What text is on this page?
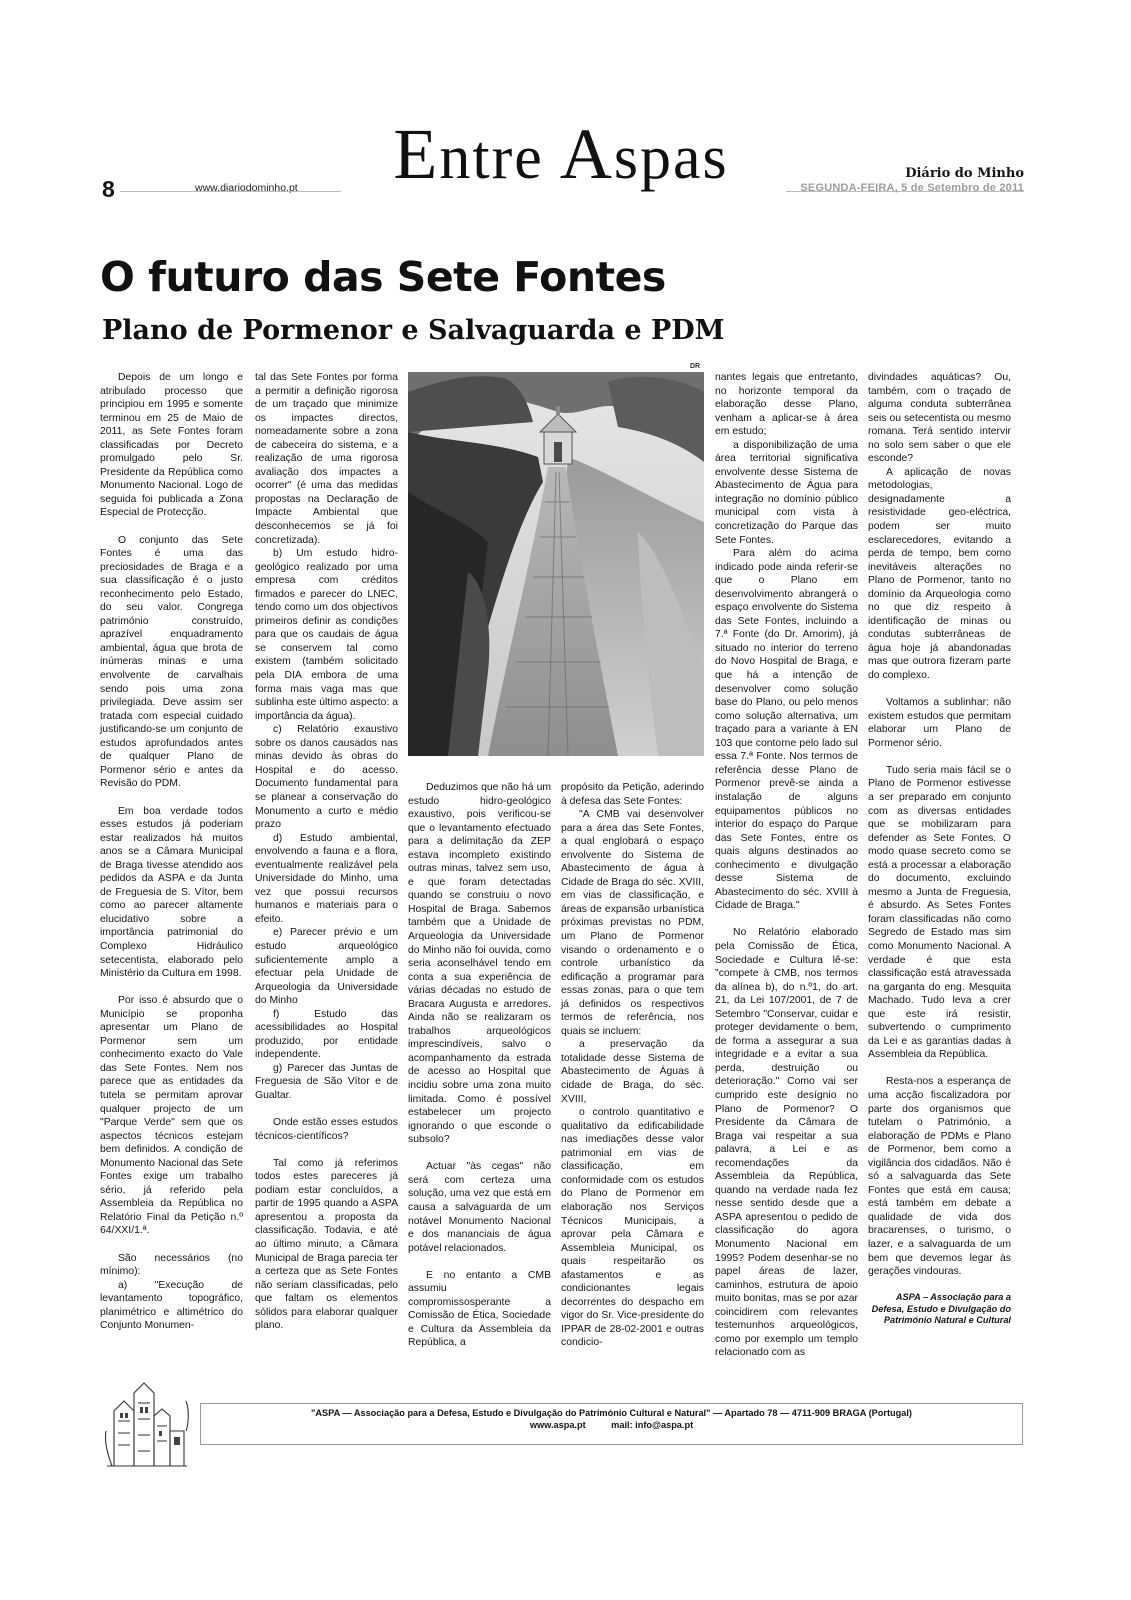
8	www.diariodominho.pt	Entre Aspas	Diário do Minho
SEGUNDA-FEIRA, 5 de Setembro de 2011
O futuro das Sete Fontes
Plano de Pormenor e Salvaguarda e PDM
DR

Depois de um longo e atribulado processo que principiou em 1995 e somente terminou em 25 de Maio de 2011, as Sete Fontes foram classificadas por Decreto promulgado pelo Sr. Presidente da República como Monumento Nacional. Logo de seguida foi publicada a Zona Especial de Protecção.

O conjunto das Sete Fontes é uma das preciosidades de Braga e a sua classificação é o justo reconhecimento pelo Estado, do seu valor. Congrega património construído, aprazível enquadramento ambiental, água que brota de inúmeras minas e uma envolvente de carvalhais sendo pois uma zona privilegiada. Deve assim ser tratada com especial cuidado justificando-se um conjunto de estudos aprofundados antes de qualquer Plano de Pormenor sério e antes da Revisão do PDM.

Em boa verdade todos esses estudos já poderiam estar realizados há muitos anos se a Câmara Municipal de Braga tivesse atendido aos pedidos da ASPA e da Junta de Freguesia de S. Vítor, bem como ao parecer altamente elucidativo sobre a importância patrimonial do Complexo Hidráulico setecentista, elaborado pelo Ministério da Cultura em 1998.

Por isso é absurdo que o Município se proponha apresentar um Plano de Pormenor sem um conhecimento exacto do Vale das Sete Fontes. Nem nos parece que as entidades da tutela se permitam aprovar qualquer projecto de um "Parque Verde" sem que os aspectos técnicos estejam bem definidos. A condição de Monumento Nacional das Sete Fontes exige um trabalho sério, já referido pela Assembleia da República no Relatório Final da Petição n.º 64/XXI/1.ª.

São necessários (no mínimo):

a) "Execução de levantamento topográfico, planimétrico e altimétrico do Conjunto Monumen-

tal das Sete Fontes por forma a permitir a definição rigorosa de um traçado que minimize os impactes directos, nomeadamente sobre a zona de cabeceira do sistema, e a realização de uma rigorosa avaliação dos impactes a ocorrer" (é uma das medidas propostas na Declaração de Impacte Ambiental que desconhecemos se já foi concretizada).

b) Um estudo hidro-geológico realizado por uma empresa com créditos firmados e parecer do LNEC, tendo como um dos objectivos primeiros definir as condições para que os caudais de água se conservem tal como existem (também solicitado pela DIA embora de uma forma mais vaga mas que sublinha este último aspecto: a importância da água).

c) Relatório exaustivo sobre os danos causados nas minas devido às obras do Hospital e do acesso. Documento fundamental para se planear a conservação do Monumento a curto e médio prazo

d) Estudo ambiental, envolvendo a fauna e a flora, eventualmente realizável pela Universidade do Minho, uma vez que possui recursos humanos e materiais para o efeito.

e) Parecer prévio e um estudo arqueológico suficientemente amplo a efectuar pela Unidade de Arqueologia da Universidade do Minho

f) Estudo das acessibilidades ao Hospital produzido, por entidade independente.

g) Parecer das Juntas de Freguesia de São Vítor e de Gualtar.

Onde estão esses estudos técnicos-científicos?

Tal como já referimos todos estes pareceres já podiam estar concluídos, a partir de 1995 quando a ASPA apresentou a proposta da classificação. Todavia, e até ao último minuto, a Câmara Municipal de Braga parecia ter a certeza que as Sete Fontes não seriam classificadas, pelo que faltam os elementos sólidos para elaborar qualquer plano.

Deduzimos que não há um estudo hidro-geológico exaustivo, pois verificou-se que o levantamento efectuado para a delimitação da ZEP estava incompleto existindo outras minas, talvez sem uso, e que foram detectadas quando se construiu o novo Hospital de Braga. Sabemos também que a Unidade de Arqueologia da Universidade do Minho não foi ouvida, como seria aconselhável tendo em conta a sua experiência de várias décadas no estudo de Bracara Augusta e arredores. Ainda não se realizaram os trabalhos arqueológicos imprescindíveis, salvo o acompanhamento da estrada de acesso ao Hospital que incidiu sobre uma zona muito limitada. Como é possível estabelecer um projecto ignorando o que esconde o subsolo?

Actuar "às cegas" não será com certeza uma solução, uma vez que está em causa a salvaguarda de um notável Monumento Nacional e dos mananciais de água potável relacionados.

E no entanto a CMB assumiu compromissosperante a Comissão de Ética, Sociedade e Cultura da Assembleia da República, a

propósito da Petição, aderindo à defesa das Sete Fontes:

"A CMB vai desenvolver para a área das Sete Fontes, a qual englobará o espaço envolvente do Sistema de Abastecimento de água à Cidade de Braga do séc. XVIII, em vias de classificação, e áreas de expansão urbanística próximas previstas no PDM, um Plano de Pormenor visando o ordenamento e o controle urbanístico da edificação a programar para essas zonas, para o que tem já definidos os respectivos termos de referência, nos quais se incluem:

a preservação da totalidade desse Sistema de Abastecimento de Águas à cidade de Braga, do séc. XVIII,

o controlo quantitativo e qualitativo da edificabilidade nas imediações desse valor patrimonial em vias de classificação, em conformidade com os estudos do Plano de Pormenor em elaboração nos Serviços Técnicos Municipais, a aprovar pela Câmara e Assembleia Municipal, os quais respeitarão os afastamentos e as condicionantes legais decorrentes do despacho em vigor do Sr. Vice-presidente do IPPAR de 28-02-2001 e outras condicio-

nantes legais que entretanto, no horizonte temporal da elaboração desse Plano, venham a aplicar-se à área em estudo;

a disponibilização de uma área territorial significativa envolvente desse Sistema de Abastecimento de Água para integração no domínio público municipal com vista à concretização do Parque das Sete Fontes.

Para além do acima indicado pode ainda referir-se que o Plano em desenvolvimento abrangerá o espaço envolvente do Sistema das Sete Fontes, incluindo a 7.ª Fonte (do Dr. Amorim), já situado no interior do terreno do Novo Hospital de Braga, e que há a intenção de desenvolver como solução base do Plano, ou pelo menos como solução alternativa, um traçado para a variante à EN 103 que contorne pelo lado sul essa 7.ª Fonte. Nos termos de referência desse Plano de Pormenor prevê-se ainda a instalação de alguns equipamentos públicos no interior do espaço do Parque das Sete Fontes, entre os quais alguns destinados ao conhecimento e divulgação desse Sistema de Abastecimento do séc. XVIII à Cidade de Braga."

No Relatório elaborado pela Comissão de Ética, Sociedade e Cultura lê-se: "compete à CMB, nos termos da alínea b), do n.º1, do art. 21, da Lei 107/2001, de 7 de Setembro "Conservar, cuidar e proteger devidamente o bem, de forma a assegurar a sua integridade e a evitar a sua perda, destruição ou deterioração." Como vai ser cumprido este desígnio no Plano de Pormenor? O Presidente da Câmara de Braga vai respeitar a sua palavra, a Lei e as recomendações da Assembleia da República, quando na verdade nada fez nesse sentido desde que a ASPA apresentou o pedido de classificação do agora Monumento Nacional em 1995? Podem desenhar-se no papel áreas de lazer, caminhos, estrutura de apoio muito bonitas, mas se por azar coincidirem com relevantes testemunhos arqueológicos, como por exemplo um templo relacionado com as

divindades aquáticas? Ou, também, com o traçado de alguma conduta subterrânea seis ou setecentista ou mesmo romana. Terá sentido intervir no solo sem saber o que ele esconde?

A aplicação de novas metodologias, designadamente a resistividade geo-eléctrica, podem ser muito esclarecedores, evitando a perda de tempo, bem como inevitáveis alterações no Plano de Pormenor, tanto no domínio da Arqueologia como no que diz respeito à identificação de minas ou condutas subterrâneas de água hoje já abandonadas mas que outrora fizeram parte do complexo.

Voltamos a sublinhar: não existem estudos que permitam elaborar um Plano de Pormenor sério.

Tudo seria mais fácil se o Plano de Pormenor estivesse a ser preparado em conjunto com as diversas entidades que se mobilizaram para defender as Sete Fontes. O modo quase secreto como se está a processar a elaboração do documento, excluindo mesmo a Junta de Freguesia, é absurdo. As Setes Fontes foram classificadas não como Segredo de Estado mas sim como Monumento Nacional. A verdade é que esta classificação está atravessada na garganta do eng. Mesquita Machado. Tudo leva a crer que este irá resistir, subvertendo o cumprimento da Lei e as garantias dadas à Assembleia da República.

Resta-nos a esperança de uma acção fiscalizadora por parte dos organismos que tutelam o Património, a elaboração de PDMs e Plano de Pormenor, bem como a vigilância dos cidadãos. Não é só a salvaguarda das Sete Fontes que está em causa; está também em debate a qualidade de vida dos bracarenses, o turismo, o lazer, e a salvaguarda de um bem que devemos legar às gerações vindouras.

ASPA – Associação para a Defesa, Estudo e Divulgação do Património Natural e Cultural

"ASPA — Associação para a Defesa, Estudo e Divulgação do Património Cultural e Natural" — Apartado 78 — 4711-909 BRAGA (Portugal)
www.aspa.pt          mail: info@aspa.pt
